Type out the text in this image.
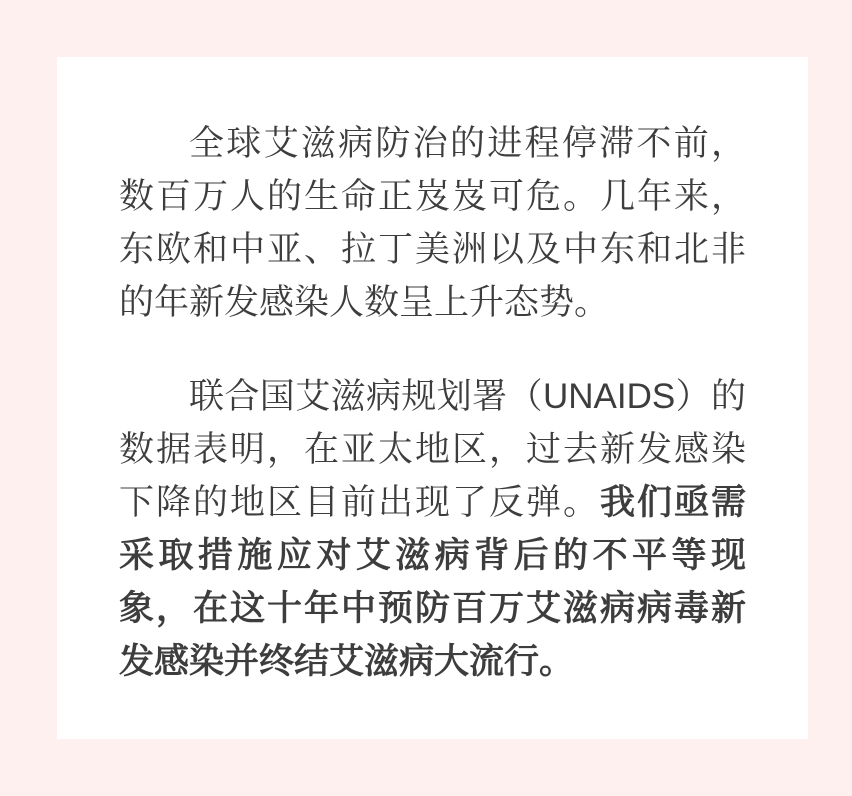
全球艾滋病防治的进程停滞不前，数百万人的生命正岌岌可危。几年来，东欧和中亚、拉丁美洲以及中东和北非的年新发感染人数呈上升态势。

联合国艾滋病规划署（UNAIDS）的数据表明，在亚太地区，过去新发感染下降的地区目前出现了反弹。我们亟需采取措施应对艾滋病背后的不平等现象，在这十年中预防百万艾滋病病毒新发感染并终结艾滋病大流行。
